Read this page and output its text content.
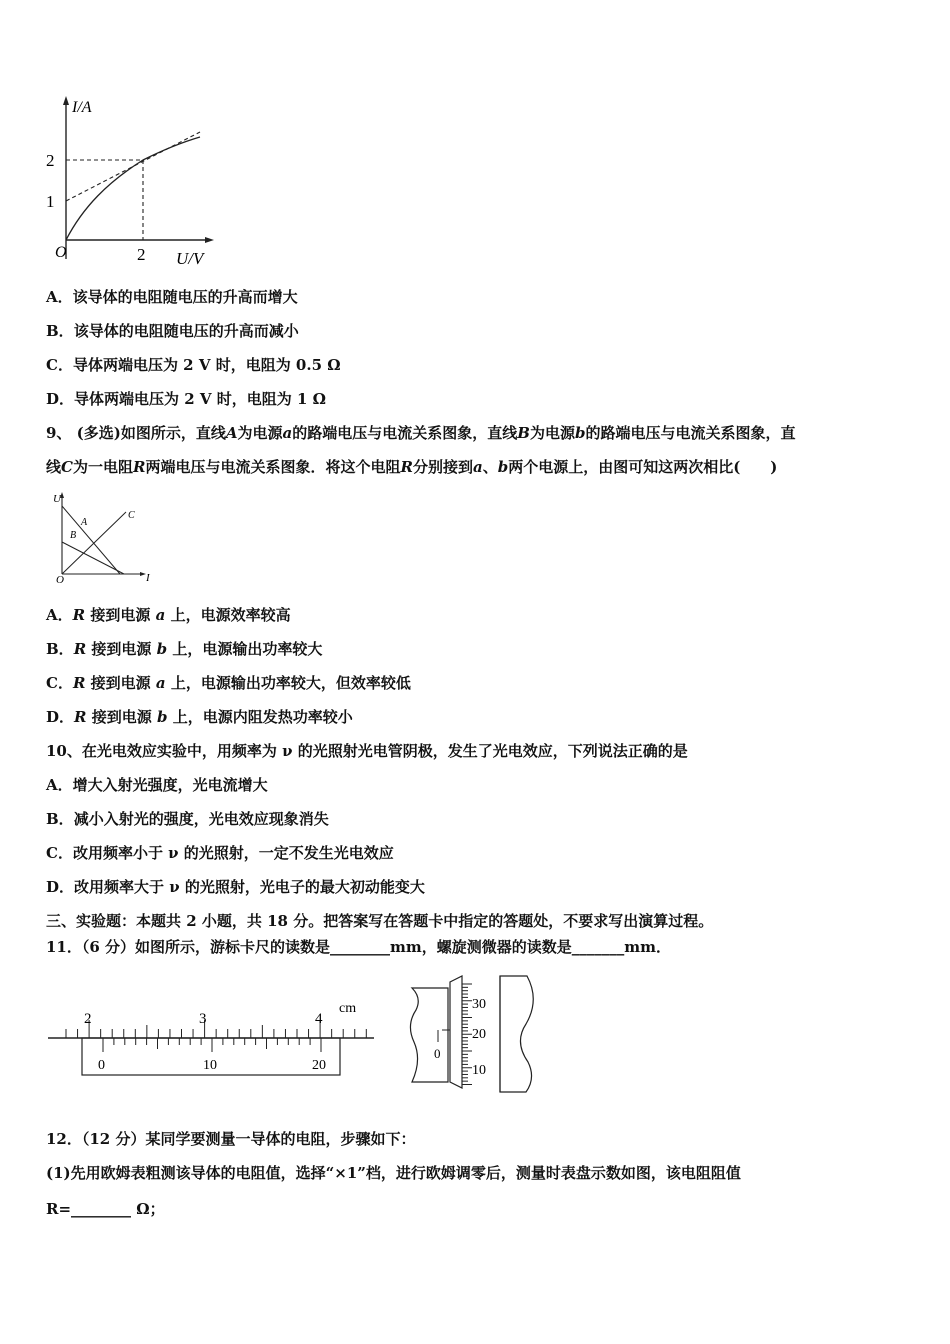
I/A
U/V
O
2
1
2
A．该导体的电阻随电压的升高而增大
B．该导体的电阻随电压的升高而减小
C．导体两端电压为 2 V 时，电阻为 0.5 Ω
D．导体两端电压为 2 V 时，电阻为 1 Ω
9、 (多选)如图所示，直线A为电源a的路端电压与电流关系图象，直线B为电源b的路端电压与电流关系图象，直
线C为一电阻R两端电压与电流关系图象．将这个电阻R分别接到a、b两个电源上，由图可知这两次相比(　　)
U
I
O
A
B
C
A．R 接到电源 a 上，电源效率较高
B．R 接到电源 b 上，电源输出功率较大
C．R 接到电源 a 上，电源输出功率较大，但效率较低
D．R 接到电源 b 上，电源内阻发热功率较小
10、在光电效应实验中，用频率为 ν 的光照射光电管阴极，发生了光电效应，下列说法正确的是
A．增大入射光强度，光电流增大
B．减小入射光的强度，光电效应现象消失
C．改用频率小于 ν 的光照射，一定不发生光电效应
D．改用频率大于 ν 的光照射，光电子的最大初动能变大
三、实验题：本题共 2 小题，共 18 分。把答案写在答题卡中指定的答题处，不要求写出演算过程。
11．（6 分）如图所示，游标卡尺的读数是________mm，螺旋测微器的读数是_______mm．
2	3	4
cm
0	10	20
0
30
20
10
12．（12 分）某同学要测量一导体的电阻，步骤如下：
(1)先用欧姆表粗测该导体的电阻值，选择“×1”档，进行欧姆调零后，测量时表盘示数如图，该电阻阻值
R=________ Ω；
